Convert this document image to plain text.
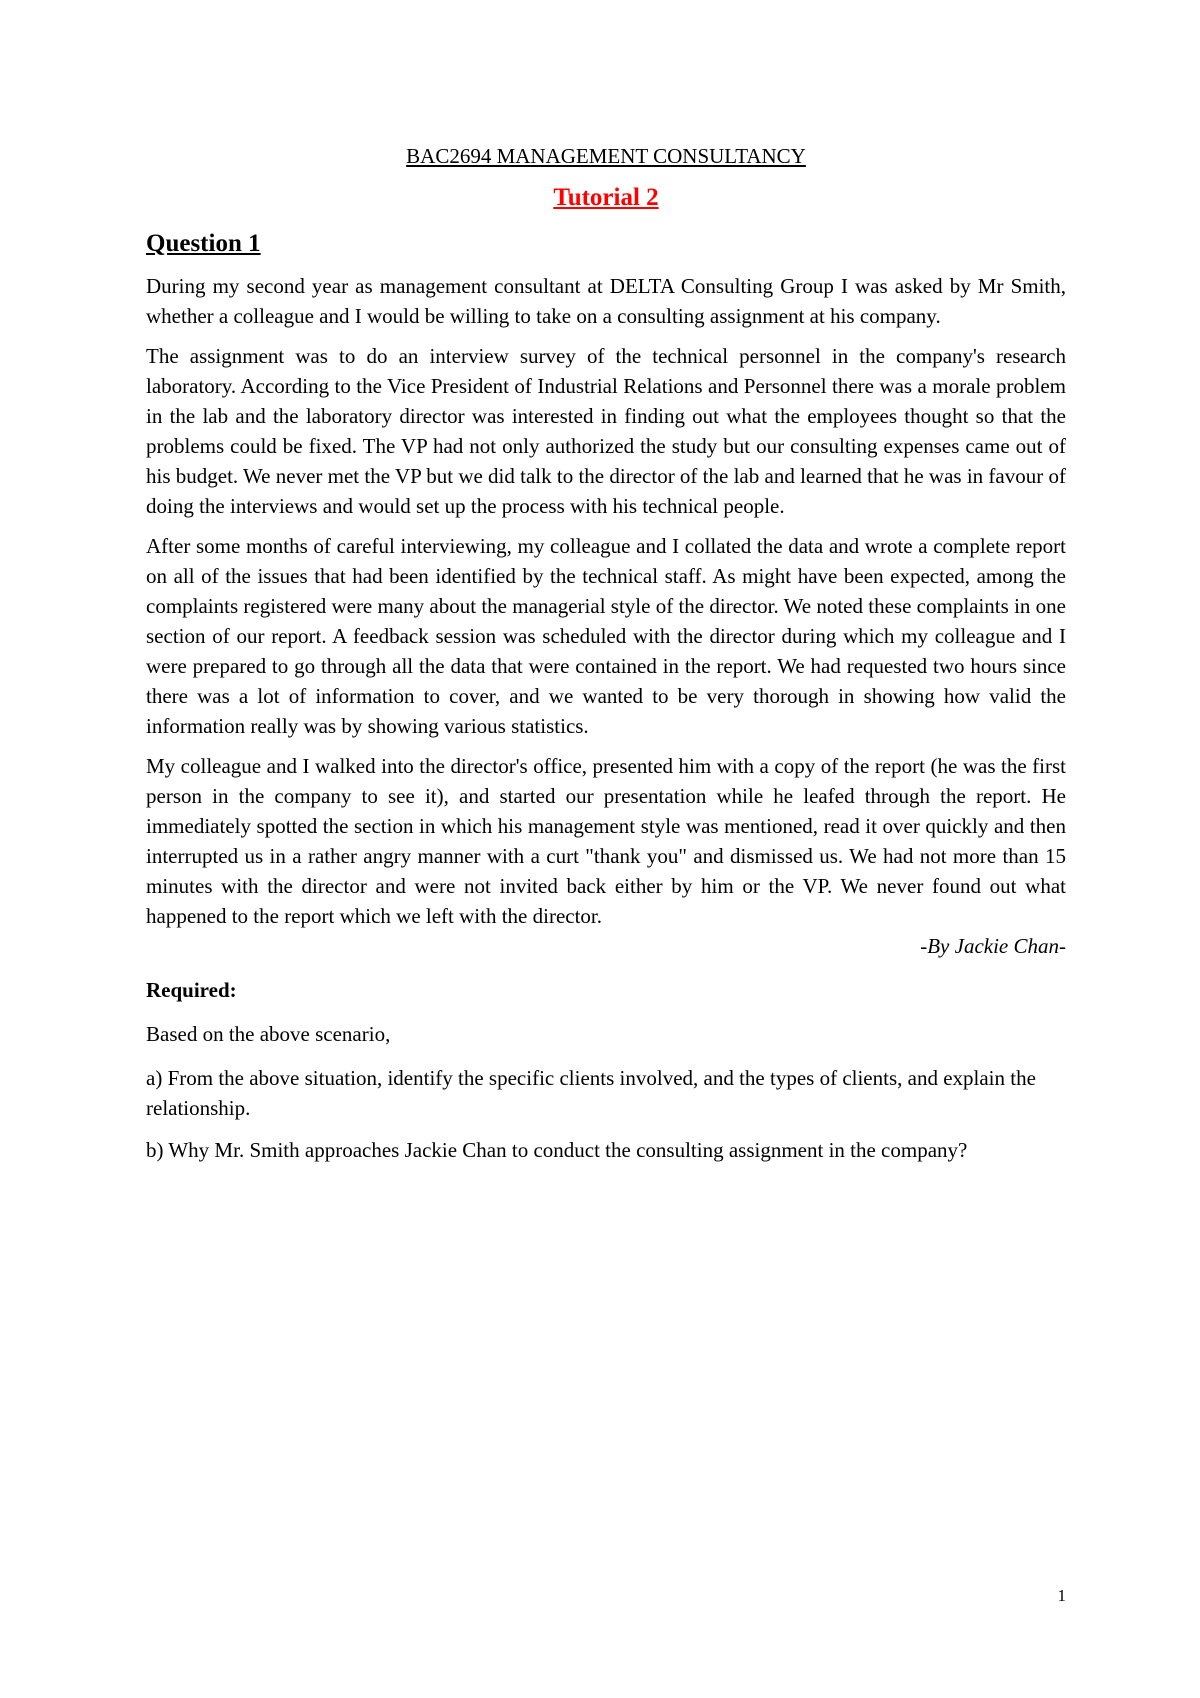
BAC2694 MANAGEMENT CONSULTANCY
Tutorial 2
Question 1

During my second year as management consultant at DELTA Consulting Group I was asked by Mr Smith, whether a colleague and I would be willing to take on a consulting assignment at his company.

The assignment was to do an interview survey of the technical personnel in the company's research laboratory. According to the Vice President of Industrial Relations and Personnel there was a morale problem in the lab and the laboratory director was interested in finding out what the employees thought so that the problems could be fixed. The VP had not only authorized the study but our consulting expenses came out of his budget. We never met the VP but we did talk to the director of the lab and learned that he was in favour of doing the interviews and would set up the process with his technical people.

After some months of careful interviewing, my colleague and I collated the data and wrote a complete report on all of the issues that had been identified by the technical staff. As might have been expected, among the complaints registered were many about the managerial style of the director. We noted these complaints in one section of our report. A feedback session was scheduled with the director during which my colleague and I were prepared to go through all the data that were contained in the report. We had requested two hours since there was a lot of information to cover, and we wanted to be very thorough in showing how valid the information really was by showing various statistics.

My colleague and I walked into the director's office, presented him with a copy of the report (he was the first person in the company to see it), and started our presentation while he leafed through the report. He immediately spotted the section in which his management style was mentioned, read it over quickly and then interrupted us in a rather angry manner with a curt "thank you" and dismissed us. We had not more than 15 minutes with the director and were not invited back either by him or the VP. We never found out what happened to the report which we left with the director.

-By Jackie Chan-
Required:
Based on the above scenario,
a) From the above situation, identify the specific clients involved, and the types of clients, and explain the relationship.
b) Why Mr. Smith approaches Jackie Chan to conduct the consulting assignment in the company?
1
